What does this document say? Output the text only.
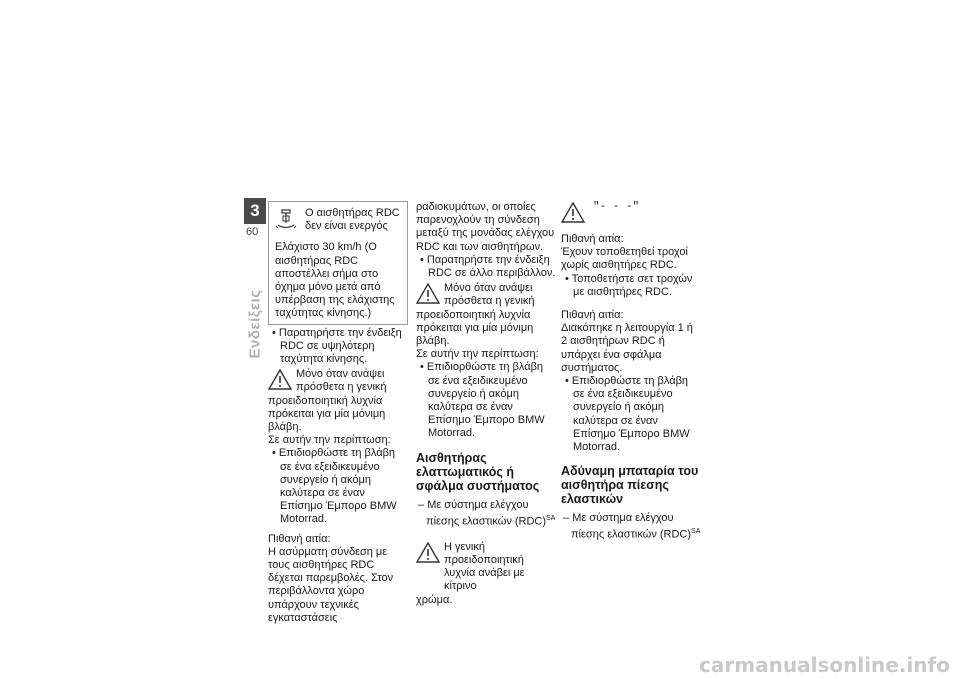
3
60
Ενδείξεις
Ο αισθητήρας RDC δεν είναι ενεργός

Ελάχιστο 30 km/h (Ο αισθητήρας RDC αποστέλλει σήμα στο όχημα μόνο μετά από υπέρβαση της ελάχιστης ταχύτητας κίνησης.)

• Παρατηρήστε την ένδειξη RDC σε υψηλότερη ταχύτητα κίνησης.

Μόνο όταν ανάψει

πρόσθετα η γενική

προειδοποιητική λυχνία πρόκειται για μία μόνιμη βλάβη.

Σε αυτήν την περίπτωση:

• Επιδιορθώστε τη βλάβη σε ένα εξειδικευμένο συνεργείο ή ακόμη καλύτερα σε έναν Επίσημο Έμπορο BMW Motorrad.

Πιθανή αιτία:

Η ασύρματη σύνδεση με τους αισθητήρες RDC δέχεται παρεμβολές. Στον περιβάλλοντα χώρο υπάρχουν τεχνικές εγκαταστάσεις

ραδιοκυμάτων, οι οποίες παρενοχλούν τη σύνδεση μεταξύ της μονάδας ελέγχου RDC και των αισθητήρων.

• Παρατηρήστε την ένδειξη RDC σε άλλο περιβάλλον.

Μόνο όταν ανάψει

πρόσθετα η γενική

προειδοποιητική λυχνία πρόκειται για μία μόνιμη βλάβη.

Σε αυτήν την περίπτωση:

• Επιδιορθώστε τη βλάβη σε ένα εξειδικευμένο συνεργείο ή ακόμη καλύτερα σε έναν Επίσημο Έμπορο BMW Motorrad.

Αισθητήρας ελαττωματικός ή σφάλμα συστήματος

– Με σύστημα ελέγχου πίεσης ελαστικών (RDC)$^{SA}$

Η γενική προειδοποιητική

λυχνία ανάβει με κίτρινο

χρώμα.

"- - -"

Πιθανή αιτία:

Έχουν τοποθετηθεί τροχοί χωρίς αισθητήρες RDC.

• Τοποθετήστε σετ τροχών με αισθητήρες RDC.

Πιθανή αιτία:

Διακόπηκε η λειτουργία 1 ή 2 αισθητήρων RDC ή υπάρχει ένα σφάλμα συστήματος.

• Επιδιορθώστε τη βλάβη σε ένα εξειδικευμένο συνεργείο ή ακόμη καλύτερα σε έναν Επίσημο Έμπορο BMW Motorrad.

Αδύναμη μπαταρία του αισθητήρα πίεσης ελαστικών

– Με σύστημα ελέγχου πίεσης ελαστικών (RDC)$^{SA}$

carmanualsonline.info
